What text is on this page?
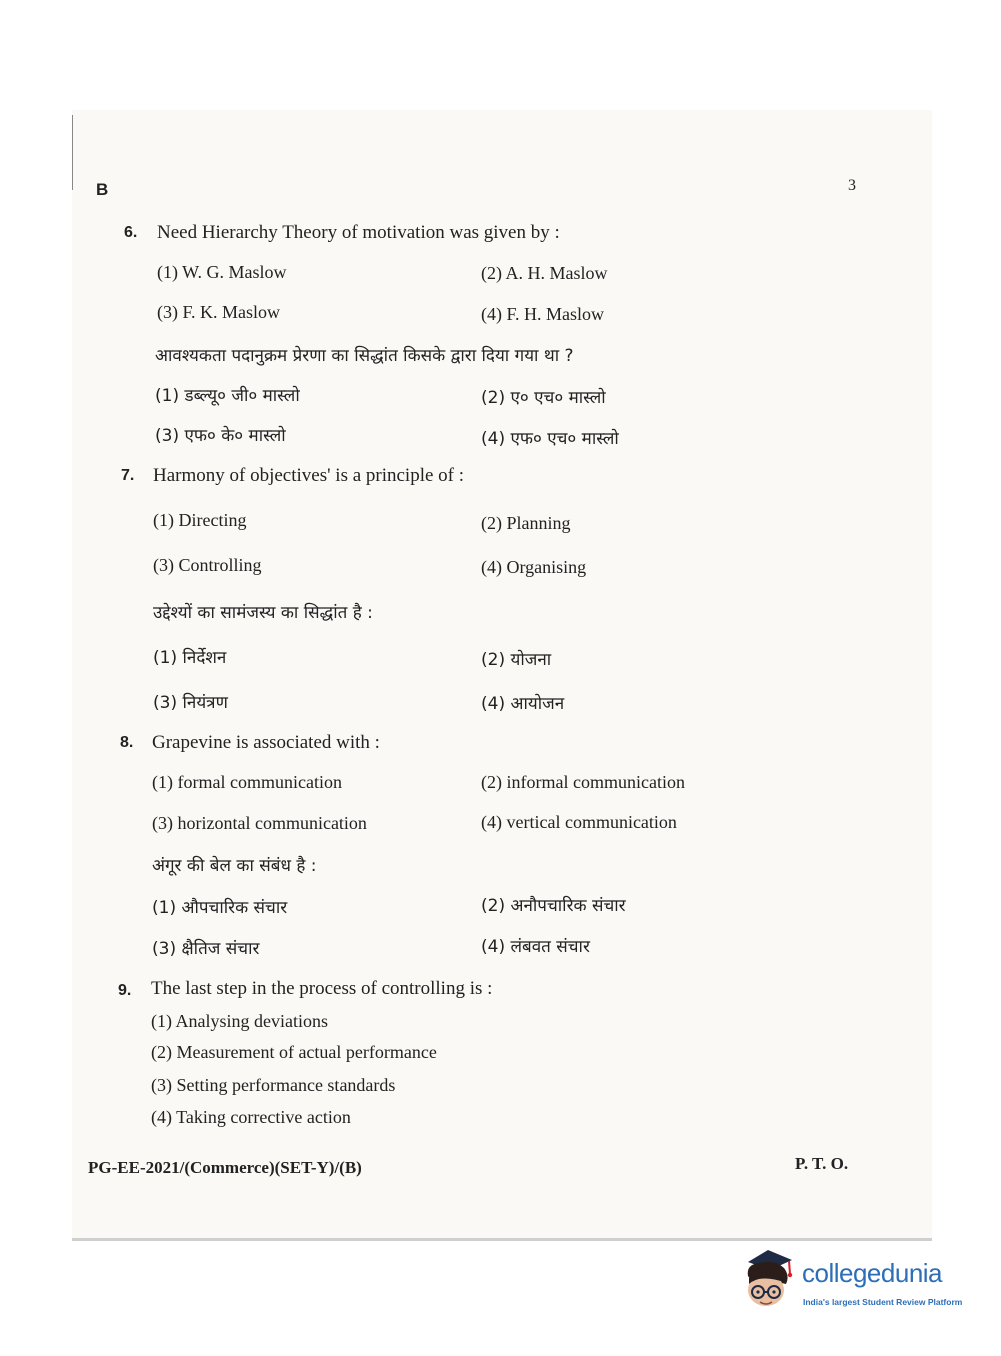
B	3
6. Need Hierarchy Theory of motivation was given by :
(1) W. G. Maslow	(2) A. H. Maslow
(3) F. K. Maslow	(4) F. H. Maslow
आवश्यकता पदानुक्रम प्रेरणा का सिद्धांत किसके द्वारा दिया गया था ?
(1) डब्ल्यू० जी० मास्लो	(2) ए० एच० मास्लो
(3) एफ० के० मास्लो	(4) एफ० एच० मास्लो
7. Harmony of objectives' is a principle of :
(1) Directing	(2) Planning
(3) Controlling	(4) Organising
उद्देश्यों का सामंजस्य का सिद्धांत है :
(1) निर्देशन	(2) योजना
(3) नियंत्रण	(4) आयोजन
8. Grapevine is associated with :
(1) formal communication	(2) informal communication
(3) horizontal communication	(4) vertical communication
अंगूर की बेल का संबंध है :
(1) औपचारिक संचार	(2) अनौपचारिक संचार
(3) क्षैतिज संचार	(4) लंबवत संचार
9. The last step in the process of controlling is :
(1) Analysing deviations
(2) Measurement of actual performance
(3) Setting performance standards
(4) Taking corrective action
PG-EE-2021/(Commerce)(SET-Y)/(B)	P. T. O.
collegedunia
India's largest Student Review Platform
